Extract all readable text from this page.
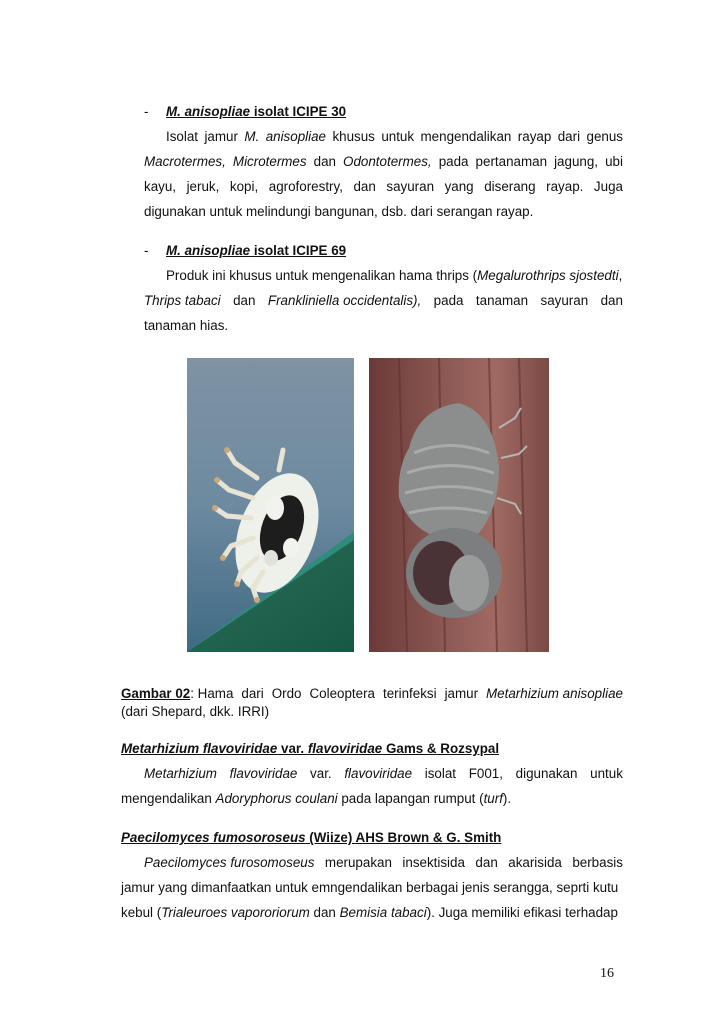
- M. anisopliae isolat ICIPE 30
Isolat jamur M. anisopliae khusus untuk mengendalikan rayap dari genus
Macrotermes, Microtermes dan Odontotermes, pada pertanaman jagung, ubi
kayu, jeruk, kopi, agroforestry, dan sayuran yang diserang rayap. Juga
digunakan untuk melindungi bangunan, dsb. dari serangan rayap.
- M. anisopliae isolat ICIPE 69
Produk ini khusus untuk mengenalikan hama thrips (Megalurothrips sjostedti,
Thrips tabaci dan Frankliniella occidentalis), pada tanaman sayuran dan
tanaman hias.
Gambar 02: Hama dari Ordo Coleoptera terinfeksi jamur Metarhizium anisopliae
(dari Shepard, dkk. IRRI)
Metarhizium flavoviridae var. flavoviridae Gams & Rozsypal
Metarhizium flavoviridae var. flavoviridae isolat F001, digunakan untuk
mengendalikan Adoryphorus coulani pada lapangan rumput (turf).
Paecilomyces fumosoroseus (Wiize) AHS Brown & G. Smith
Paecilomyces furosomoseus merupakan insektisida dan akarisida berbasis
jamur yang dimanfaatkan untuk emngendalikan berbagai jenis serangga, seprti kutu
kebul (Trialeuroes vapororiorum dan Bemisia tabaci). Juga memiliki efikasi terhadap
16
